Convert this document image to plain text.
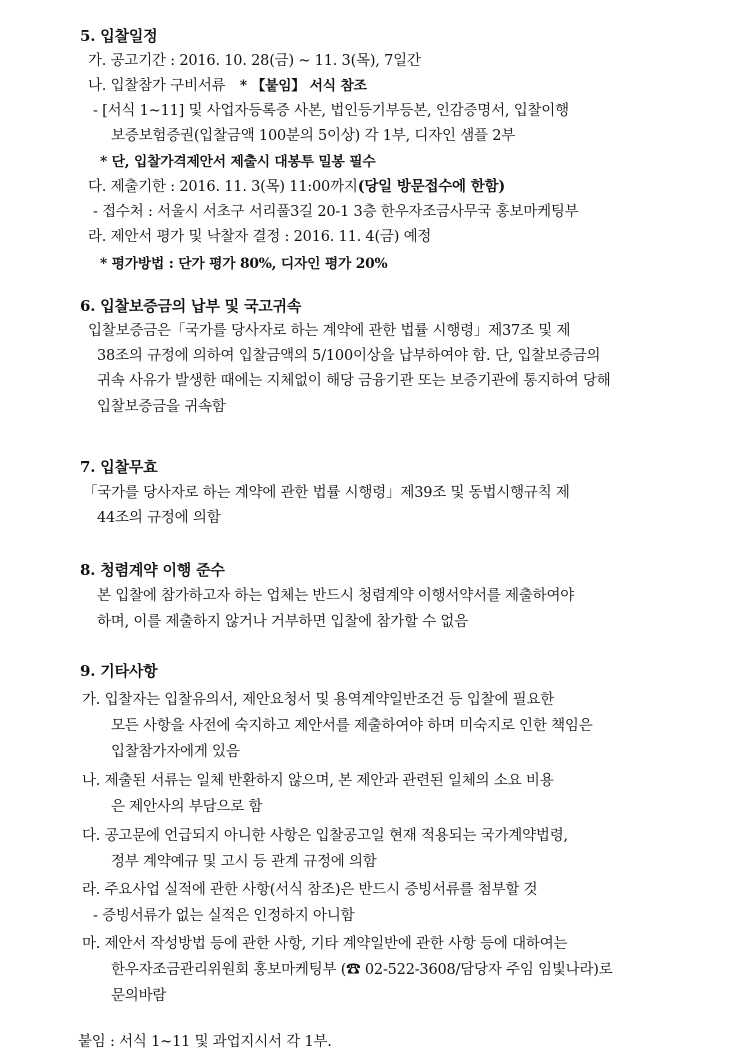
5. 입찰일정
가. 공고기간 : 2016. 10. 28(금) ~ 11. 3(목), 7일간
나. 입찰참가 구비서류 * 【붙임】 서식 참조
- [서식 1~11] 및 사업자등록증 사본, 법인등기부등본, 인감증명서, 입찰이행
보증보험증권(입찰금액 100분의 5이상) 각 1부, 디자인 샘플 2부
* 단, 입찰가격제안서 제출시 대봉투 밀봉 필수
다. 제출기한 : 2016. 11. 3(목) 11:00까지(당일 방문접수에 한함)
- 접수처 : 서울시 서초구 서리풀3길 20-1 3층 한우자조금사무국 홍보마케팅부
라. 제안서 평가 및 낙찰자 결정 : 2016. 11. 4(금) 예정
* 평가방법 : 단가 평가 80%, 디자인 평가 20%
6. 입찰보증금의 납부 및 국고귀속
입찰보증금은「국가를 당사자로 하는 계약에 관한 법률 시행령」제37조 및 제
38조의 규정에 의하여 입찰금액의 5/100이상을 납부하여야 함. 단, 입찰보증금의
귀속 사유가 발생한 때에는 지체없이 해당 금융기관 또는 보증기관에 통지하여 당해
입찰보증금을 귀속함
7. 입찰무효
「국가를 당사자로 하는 계약에 관한 법률 시행령」제39조 및 동법시행규칙 제
44조의 규정에 의함
8. 청렴계약 이행 준수
본 입찰에 참가하고자 하는 업체는 반드시 청렴계약 이행서약서를 제출하여야
하며, 이를 제출하지 않거나 거부하면 입찰에 참가할 수 없음
9. 기타사항
가. 입찰자는 입찰유의서, 제안요청서 및 용역계약일반조건 등 입찰에 필요한
모든 사항을 사전에 숙지하고 제안서를 제출하여야 하며 미숙지로 인한 책임은
입찰참가자에게 있음
나. 제출된 서류는 일체 반환하지 않으며, 본 제안과 관련된 일체의 소요 비용
은 제안사의 부담으로 함
다. 공고문에 언급되지 아니한 사항은 입찰공고일 현재 적용되는 국가계약법령,
정부 계약예규 및 고시 등 관계 규정에 의함
라. 주요사업 실적에 관한 사항(서식 참조)은 반드시 증빙서류를 첨부할 것
- 증빙서류가 없는 실적은 인정하지 아니함
마. 제안서 작성방법 등에 관한 사항, 기타 계약일반에 관한 사항 등에 대하여는
한우자조금관리위원회 홍보마케팅부 (☎ 02-522-3608/담당자 주임 임빛나라)로
문의바람
붙임 : 서식 1~11 및 과업지시서 각 1부.
